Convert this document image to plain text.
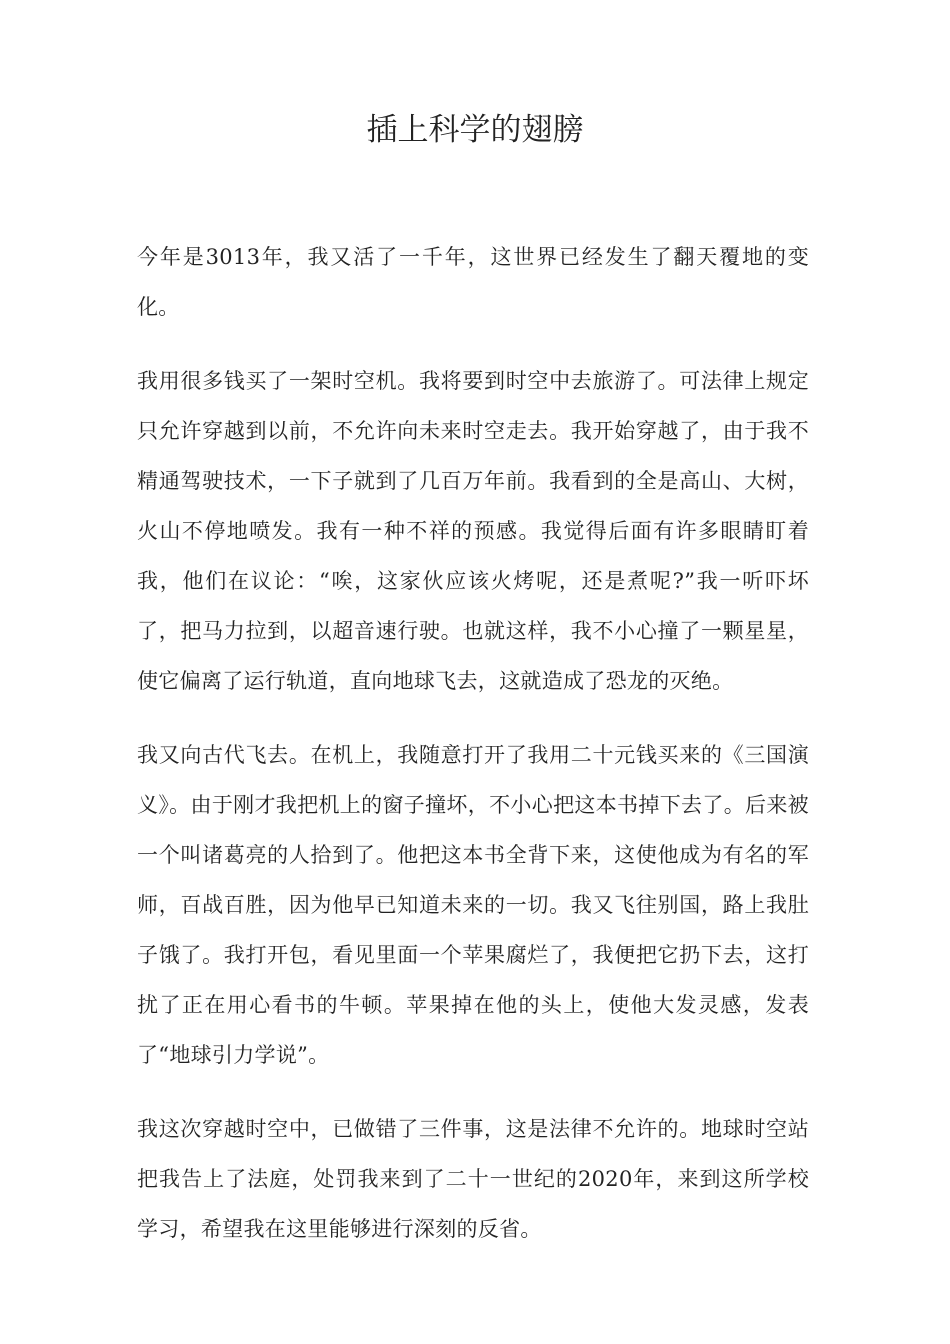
插上科学的翅膀

今年是3013年，我又活了一千年，这世界已经发生了翻天覆地的变化。

我用很多钱买了一架时空机。我将要到时空中去旅游了。可法律上规定只允许穿越到以前，不允许向未来时空走去。我开始穿越了，由于我不精通驾驶技术，一下子就到了几百万年前。我看到的全是高山、大树，火山不停地喷发。我有一种不祥的预感。我觉得后面有许多眼睛盯着我，他们在议论：“唉，这家伙应该火烤呢，还是煮呢?”我一听吓坏了，把马力拉到，以超音速行驶。也就这样，我不小心撞了一颗星星，使它偏离了运行轨道，直向地球飞去，这就造成了恐龙的灭绝。

我又向古代飞去。在机上，我随意打开了我用二十元钱买来的《三国演义》。由于刚才我把机上的窗子撞坏，不小心把这本书掉下去了。后来被一个叫诸葛亮的人拾到了。他把这本书全背下来，这使他成为有名的军师，百战百胜，因为他早已知道未来的一切。我又飞往别国，路上我肚子饿了。我打开包，看见里面一个苹果腐烂了，我便把它扔下去，这打扰了正在用心看书的牛顿。苹果掉在他的头上，使他大发灵感，发表了“地球引力学说”。

我这次穿越时空中，已做错了三件事，这是法律不允许的。地球时空站把我告上了法庭，处罚我来到了二十一世纪的2020年，来到这所学校学习，希望我在这里能够进行深刻的反省。
